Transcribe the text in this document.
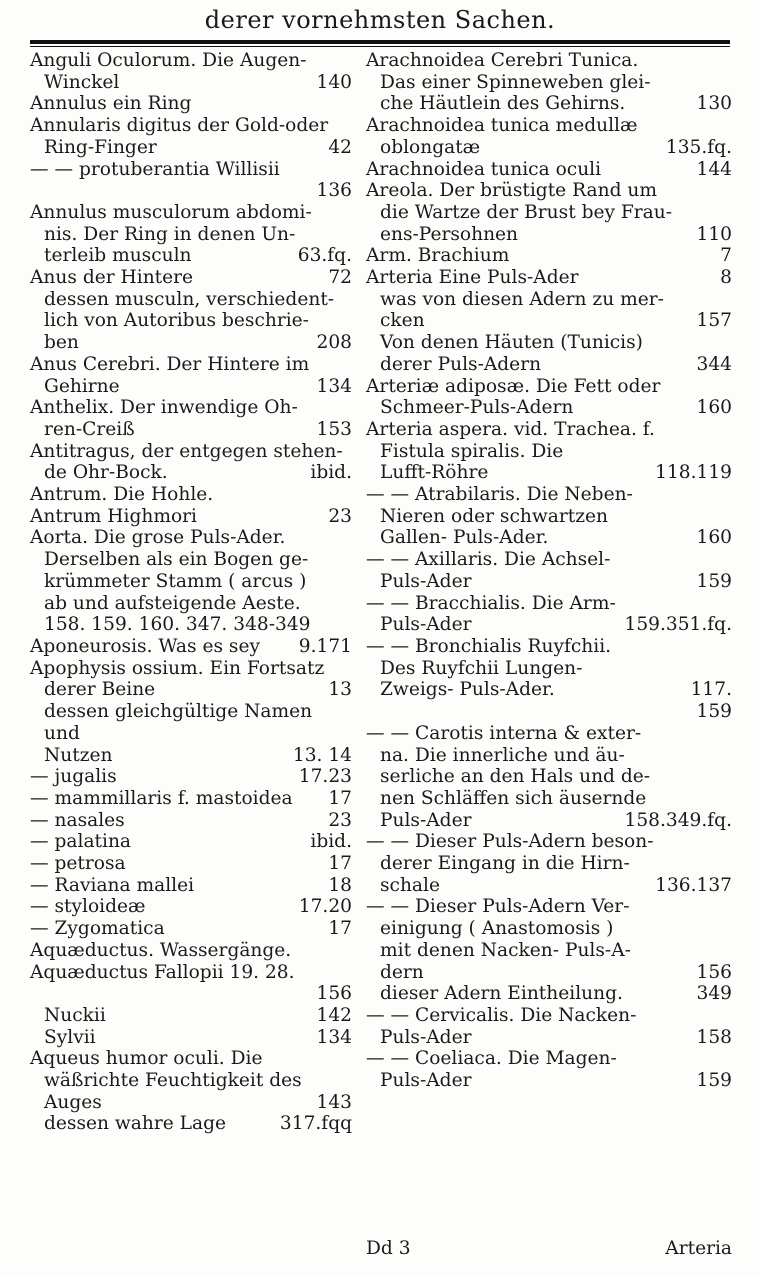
derer vornehmsten Sachen.
Anguli Oculorum. Die Augen-
140
Winckel
Annulus ein Ring
Annularis digitus der Gold-oder
42
Ring-Finger
— — protuberantia Willisii
136
Annulus musculorum abdomi-
nis. Der Ring in denen Un-
63.fq.
terleib musculn
72
Anus der Hintere
dessen musculn, verschiedent-
lich von Autoribus beschrie-
208
ben
Anus Cerebri. Der Hintere im
134
Gehirne
Anthelix. Der inwendige Oh-
153
ren-Creiß
Antitragus, der entgegen stehen-
ibid.
de Ohr-Bock.
Antrum. Die Hohle.
23
Antrum Highmori
Aorta. Die grose Puls-Ader.
Derselben als ein Bogen ge-
krümmeter Stamm ( arcus )
ab und aufsteigende Aeste.
158. 159. 160. 347. 348-349
9.171
Aponeurosis. Was es sey
Apophysis ossium. Ein Fortsatz
13
derer Beine
dessen gleichgültige Namen und
13. 14
Nutzen
17.23
— jugalis
17
— mammillaris f. mastoidea
23
— nasales
ibid.
— palatina
17
— petrosa
18
— Raviana mallei
17.20
— styloideæ
17
— Zygomatica
Aquæductus. Wassergänge.
Aquæductus Fallopii 19. 28.
156
142
Nuckii
134
Sylvii
Aqueus humor oculi. Die
wäßrichte Feuchtigkeit des
143
Auges
317.fqq
dessen wahre Lage
Arachnoidea Cerebri Tunica.
Das einer Spinneweben glei-
130
che Häutlein des Gehirns.
Arachnoidea tunica medullæ
135.fq.
oblongatæ
144
Arachnoidea tunica oculi
Areola. Der brüstigte Rand um
die Wartze der Brust bey Frau-
110
ens-Persohnen
7
Arm. Brachium
8
Arteria Eine Puls-Ader
was von diesen Adern zu mer-
157
cken
Von denen Häuten (Tunicis)
344
derer Puls-Adern
Arteriæ adiposæ. Die Fett oder
160
Schmeer-Puls-Adern
Arteria aspera. vid. Trachea. f.
Fistula spiralis. Die
118.119
Lufft-Röhre
— — Atrabilaris. Die Neben-
Nieren oder schwartzen
160
Gallen- Puls-Ader.
— — Axillaris. Die Achsel-
159
Puls-Ader
— — Bracchialis. Die Arm-
159.351.fq.
Puls-Ader
— — Bronchialis Ruyfchii.
Des Ruyfchii Lungen-
117.
Zweigs- Puls-Ader.
159
— — Carotis interna & exter-
na. Die innerliche und äu-
serliche an den Hals und de-
nen Schläffen sich äusernde
158.349.fq.
Puls-Ader
— — Dieser Puls-Adern beson-
derer Eingang in die Hirn-
136.137
schale
— — Dieser Puls-Adern Ver-
einigung ( Anastomosis )
mit denen Nacken- Puls-A-
156
dern
349
dieser Adern Eintheilung.
— — Cervicalis. Die Nacken-
158
Puls-Ader
— — Coeliaca. Die Magen-
159
Puls-Ader
Dd 3	Arteria
